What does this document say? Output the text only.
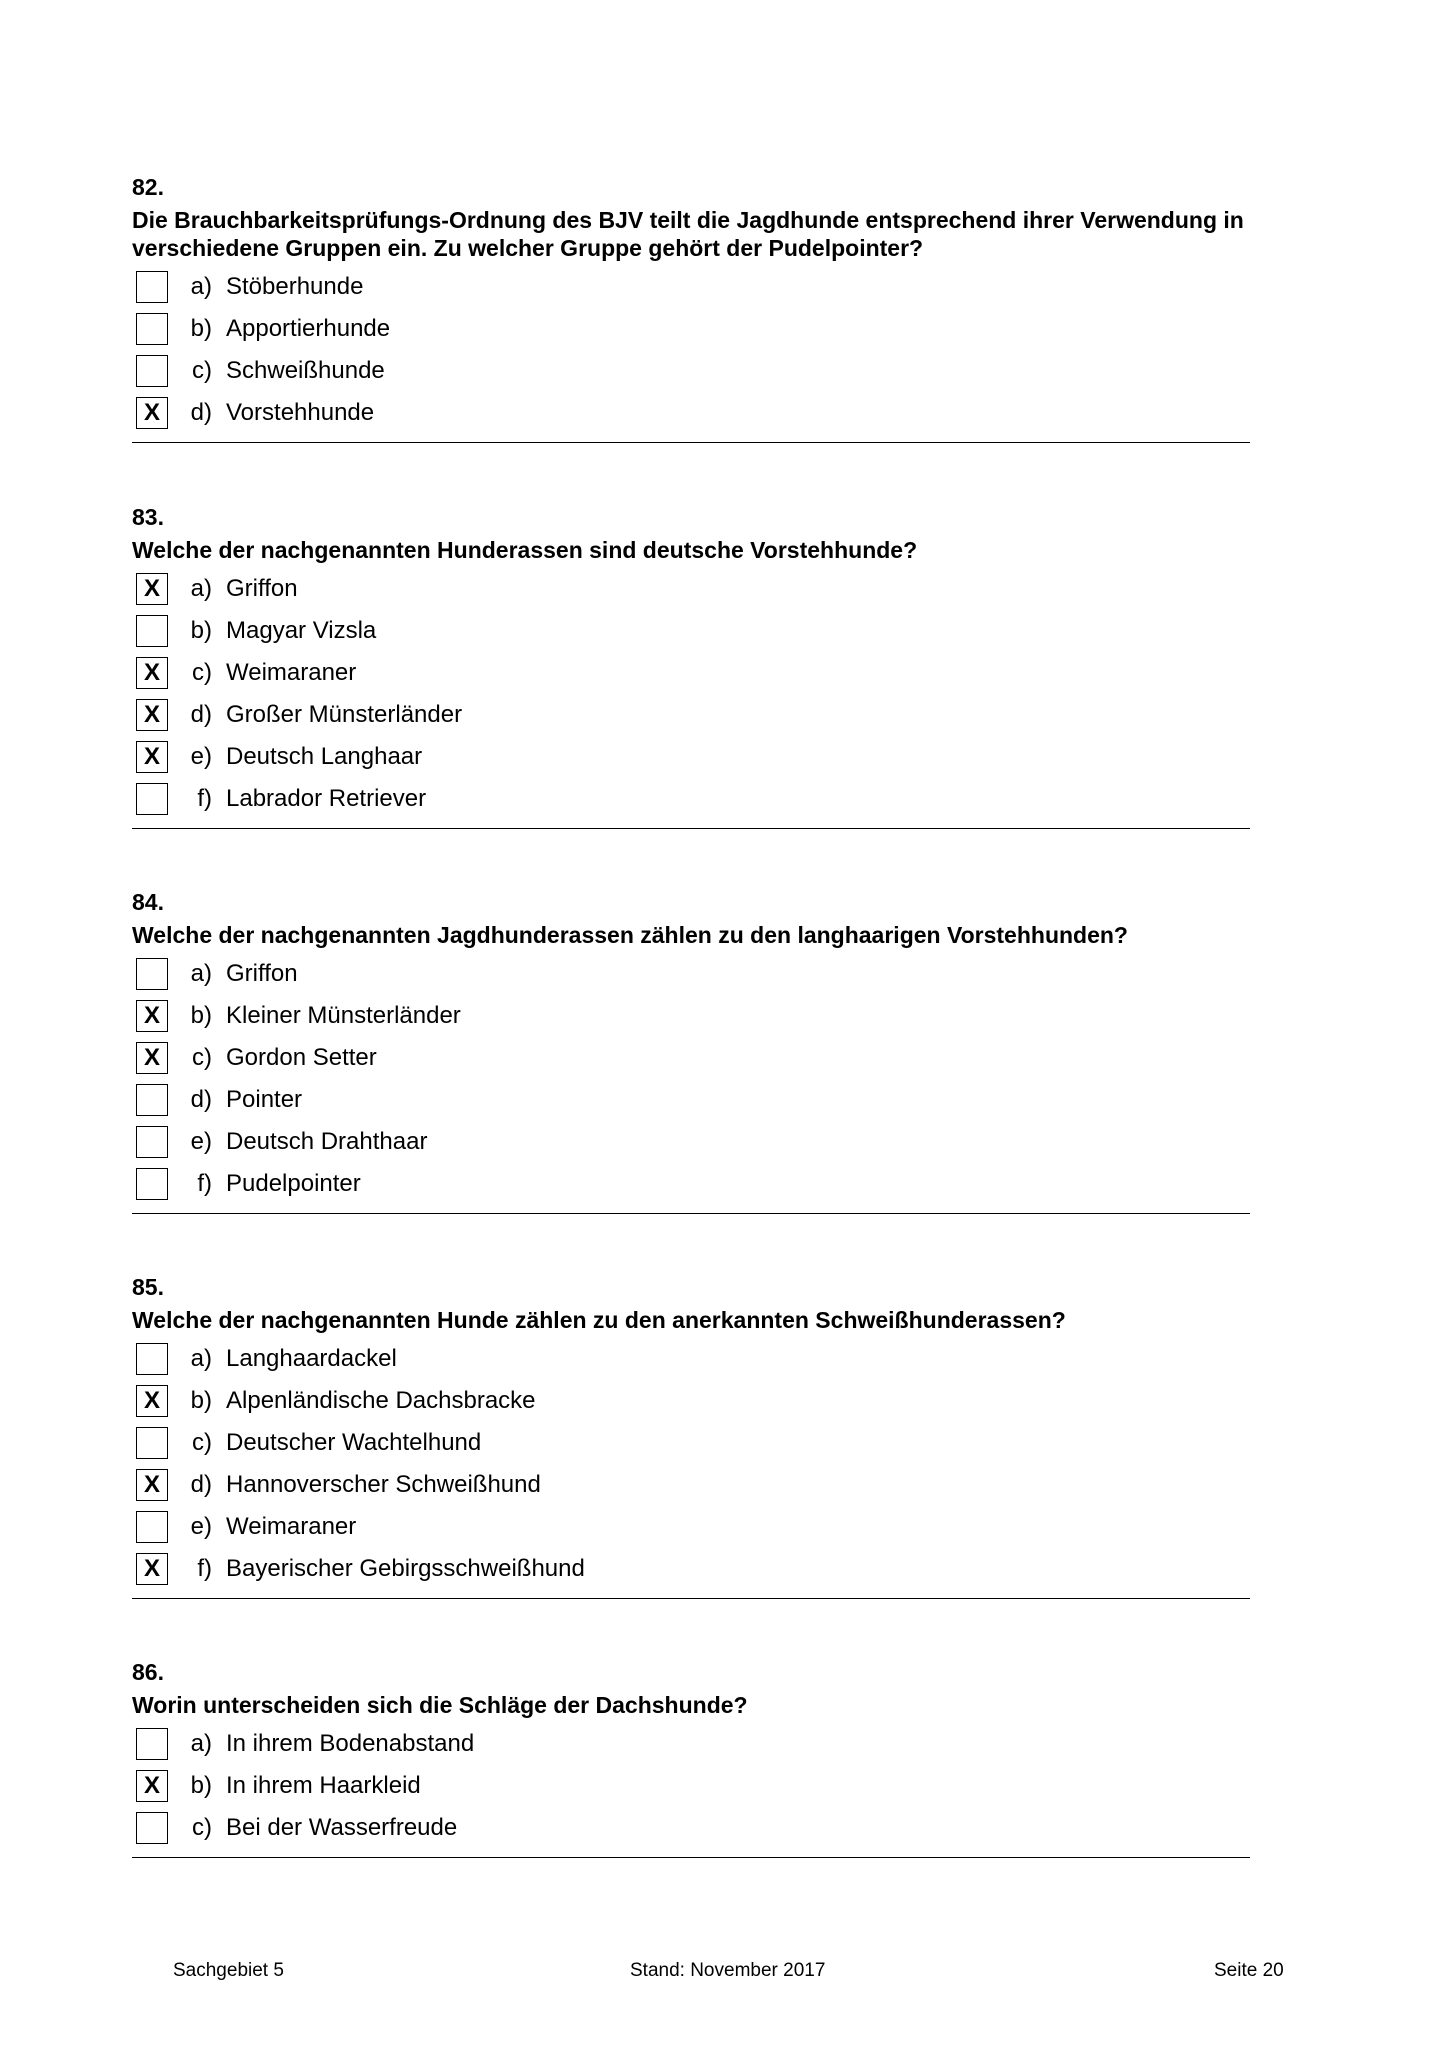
82.
Die Brauchbarkeitsprüfungs-Ordnung des BJV teilt die Jagdhunde entsprechend ihrer Verwendung in verschiedene Gruppen ein. Zu welcher Gruppe gehört der Pudelpointer?
a) Stöberhunde
b) Apportierhunde
c) Schweißhunde
X	d) Vorstehhunde
83.
Welche der nachgenannten Hunderassen sind deutsche Vorstehhunde?
X	a) Griffon
b) Magyar Vizsla
X	c) Weimaraner
X	d) Großer Münsterländer
X	e) Deutsch Langhaar
f) Labrador Retriever
84.
Welche der nachgenannten Jagdhunderassen zählen zu den langhaarigen Vorstehhunden?
a) Griffon
X	b) Kleiner Münsterländer
X	c) Gordon Setter
d) Pointer
e) Deutsch Drahthaar
f) Pudelpointer
85.
Welche der nachgenannten Hunde zählen zu den anerkannten Schweißhunderassen?
a) Langhaardackel
X	b) Alpenländische Dachsbracke
c) Deutscher Wachtelhund
X	d) Hannoverscher Schweißhund
e) Weimaraner
X	f) Bayerischer Gebirgsschweißhund
86.
Worin unterscheiden sich die Schläge der Dachshunde?
a) In ihrem Bodenabstand
X	b) In ihrem Haarkleid
c) Bei der Wasserfreude
Sachgebiet 5	Stand: November 2017	Seite 20
